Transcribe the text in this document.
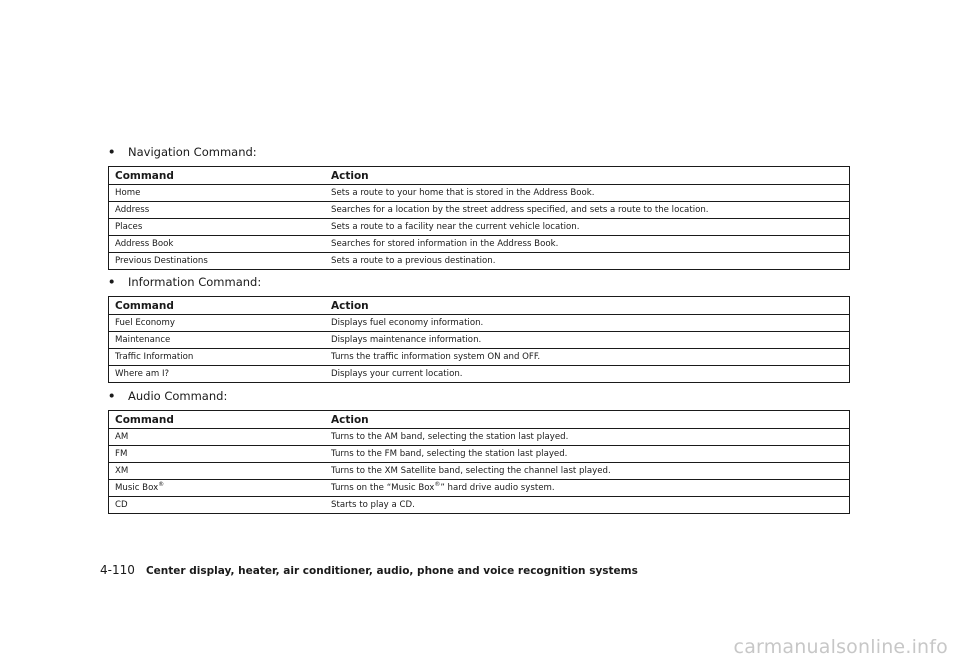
• Navigation Command:
Command	Action
Home	Sets a route to your home that is stored in the Address Book.
Address	Searches for a location by the street address specified, and sets a route to the location.
Places	Sets a route to a facility near the current vehicle location.
Address Book	Searches for stored information in the Address Book.
Previous Destinations	Sets a route to a previous destination.
• Information Command:
Command	Action
Fuel Economy	Displays fuel economy information.
Maintenance	Displays maintenance information.
Traffic Information	Turns the traffic information system ON and OFF.
Where am I?	Displays your current location.
• Audio Command:
Command	Action
AM	Turns to the AM band, selecting the station last played.
FM	Turns to the FM band, selecting the station last played.
XM	Turns to the XM Satellite band, selecting the channel last played.
Music Box®	Turns on the “Music Box®” hard drive audio system.
CD	Starts to play a CD.
4-110 Center display, heater, air conditioner, audio, phone and voice recognition systems
carmanualsonline.info
